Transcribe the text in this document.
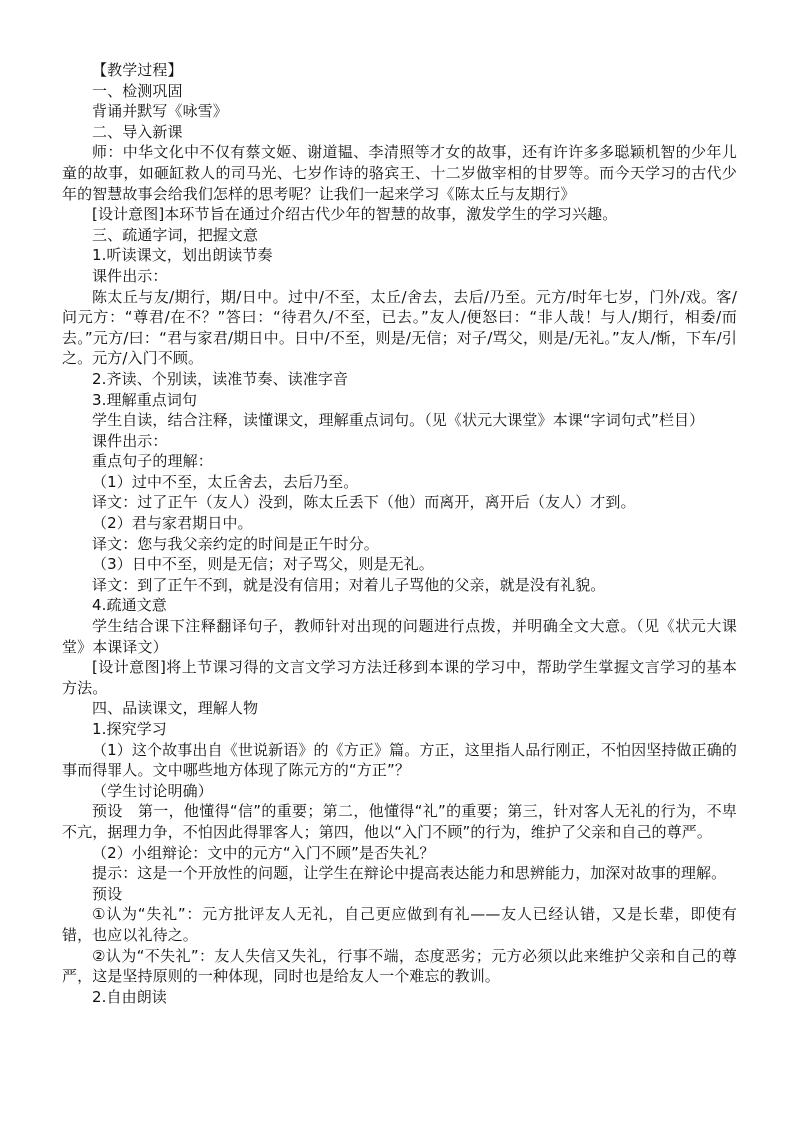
【教学过程】

一、检测巩固

背诵并默写《咏雪》

二、导入新课

师：中华文化中不仅有蔡文姬、谢道韫、李清照等才女的故事，还有许许多多聪颖机智的少年儿童的故事，如砸缸救人的司马光、七岁作诗的骆宾王、十二岁做宰相的甘罗等。而今天学习的古代少年的智慧故事会给我们怎样的思考呢？让我们一起来学习《陈太丘与友期行》

[设计意图]本环节旨在通过介绍古代少年的智慧的故事，激发学生的学习兴趣。

三、疏通字词，把握文意

1.听读课文，划出朗读节奏

课件出示：

陈太丘与友/期行，期/日中。过中/不至，太丘/舍去，去后/乃至。元方/时年七岁，门外/戏。客/问元方：“尊君/在不？”答曰：“待君久/不至，已去。”友人/便怒曰：“非人哉！与人/期行，相委/而去。”元方/曰：“君与家君/期日中。日中/不至，则是/无信；对子/骂父，则是/无礼。”友人/惭，下车/引之。元方/入门不顾。

2.齐读、个别读，读准节奏、读准字音

3.理解重点词句

学生自读，结合注释，读懂课文，理解重点词句。（见《状元大课堂》本课“字词句式”栏目）

课件出示：

重点句子的理解：

（1）过中不至，太丘舍去，去后乃至。

译文：过了正午（友人）没到，陈太丘丢下（他）而离开，离开后（友人）才到。

（2）君与家君期日中。

译文：您与我父亲约定的时间是正午时分。

（3）日中不至，则是无信；对子骂父，则是无礼。

译文：到了正午不到，就是没有信用；对着儿子骂他的父亲，就是没有礼貌。

4.疏通文意

学生结合课下注释翻译句子，教师针对出现的问题进行点拨，并明确全文大意。（见《状元大课堂》本课译文）

[设计意图]将上节课习得的文言文学习方法迁移到本课的学习中，帮助学生掌握文言学习的基本方法。

四、品读课文，理解人物

1.探究学习

（1）这个故事出自《世说新语》的《方正》篇。方正，这里指人品行刚正，不怕因坚持做正确的事而得罪人。文中哪些地方体现了陈元方的“方正”？

（学生讨论明确）

预设　第一，他懂得“信”的重要；第二，他懂得“礼”的重要；第三，针对客人无礼的行为，不卑不亢，据理力争，不怕因此得罪客人；第四，他以“入门不顾”的行为，维护了父亲和自己的尊严。

（2）小组辩论：文中的元方“入门不顾”是否失礼？

提示：这是一个开放性的问题，让学生在辩论中提高表达能力和思辨能力，加深对故事的理解。

预设

①认为“失礼”：元方批评友人无礼，自己更应做到有礼——友人已经认错，又是长辈，即使有错，也应以礼待之。

②认为“不失礼”：友人失信又失礼，行事不端，态度恶劣；元方必须以此来维护父亲和自己的尊严，这是坚持原则的一种体现，同时也是给友人一个难忘的教训。

2.自由朗读
